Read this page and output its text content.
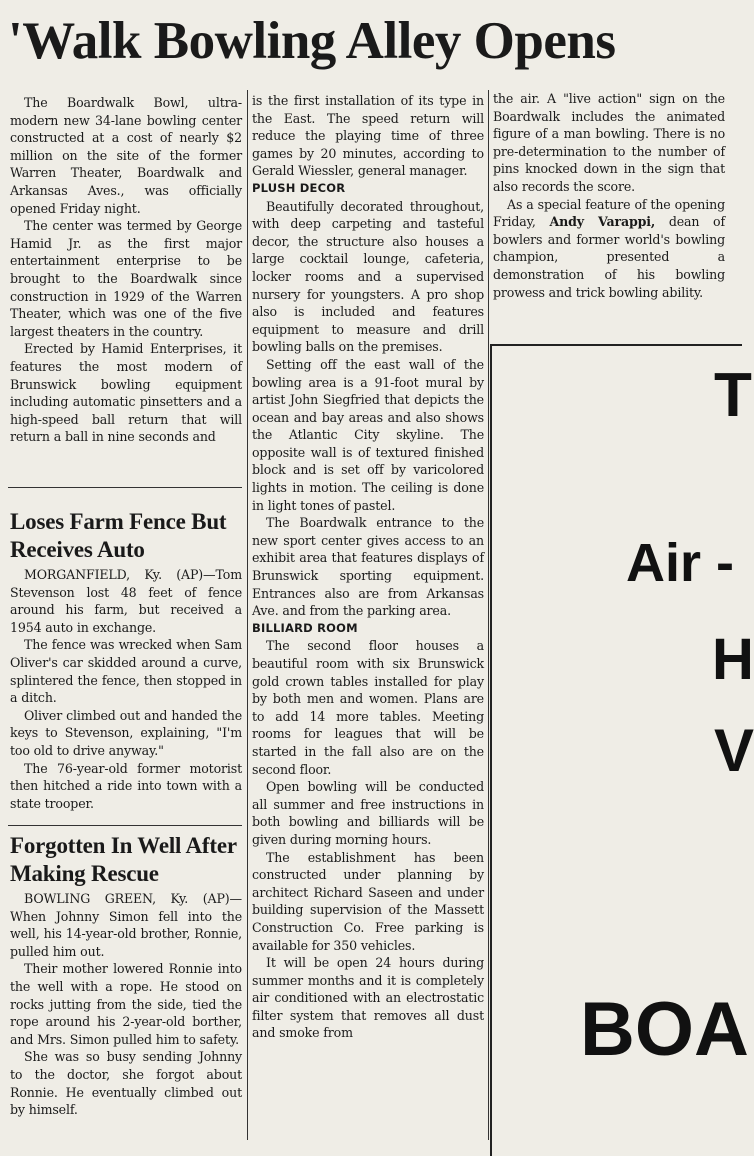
'Walk Bowling Alley Opens

The Boardwalk Bowl, ultra-modern new 34-lane bowling center constructed at a cost of nearly $2 million on the site of the former Warren Theater, Boardwalk and Arkansas Aves., was officially opened Friday night.

The center was termed by George Hamid Jr. as the first major entertainment enterprise to be brought to the Boardwalk since construction in 1929 of the Warren Theater, which was one of the five largest theaters in the country.

Erected by Hamid Enterprises, it features the most modern of Brunswick bowling equipment including automatic pinsetters and a high-speed ball return that will return a ball in nine seconds and

Loses Farm Fence But Receives Auto

MORGANFIELD, Ky. (AP)—Tom Stevenson lost 48 feet of fence around his farm, but received a 1954 auto in exchange.

The fence was wrecked when Sam Oliver's car skidded around a curve, splintered the fence, then stopped in a ditch.

Oliver climbed out and handed the keys to Stevenson, explaining, "I'm too old to drive anyway."

The 76-year-old former motorist then hitched a ride into town with a state trooper.

Forgotten In Well After Making Rescue

BOWLING GREEN, Ky. (AP)—When Johnny Simon fell into the well, his 14-year-old brother, Ronnie, pulled him out.

Their mother lowered Ronnie into the well with a rope. He stood on rocks jutting from the side, tied the rope around his 2-year-old borther, and Mrs. Simon pulled him to safety.

She was so busy sending Johnny to the doctor, she forgot about Ronnie. He eventually climbed out by himself.

is the first installation of its type in the East. The speed return will reduce the playing time of three games by 20 minutes, according to Gerald Wiessler, general manager.

PLUSH DECOR

Beautifully decorated throughout, with deep carpeting and tasteful decor, the structure also houses a large cocktail lounge, cafeteria, locker rooms and a supervised nursery for youngsters. A pro shop also is included and features equipment to measure and drill bowling balls on the premises.

Setting off the east wall of the bowling area is a 91-foot mural by artist John Siegfried that depicts the ocean and bay areas and also shows the Atlantic City skyline. The opposite wall is of textured finished block and is set off by varicolored lights in motion. The ceiling is done in light tones of pastel.

The Boardwalk entrance to the new sport center gives access to an exhibit area that features displays of Brunswick sporting equipment. Entrances also are from Arkansas Ave. and from the parking area.

BILLIARD ROOM

The second floor houses a beautiful room with six Brunswick gold crown tables installed for play by both men and women. Plans are to add 14 more tables. Meeting rooms for leagues that will be started in the fall also are on the second floor.

Open bowling will be conducted all summer and free instructions in both bowling and billiards will be given during morning hours.

The establishment has been constructed under planning by architect Richard Saseen and under building supervision of the Massett Construction Co. Free parking is available for 350 vehicles.

It will be open 24 hours during summer months and it is completely air conditioned with an electrostatic filter system that removes all dust and smoke from

the air. A "live action" sign on the Boardwalk includes the animated figure of a man bowling. There is no pre-determination to the number of pins knocked down in the sign that also records the score.

As a special feature of the opening Friday, Andy Varappi, dean of bowlers and former world's bowling champion, presented a demonstration of his bowling prowess and trick bowling ability.

T
Air -
H
V
BOA
